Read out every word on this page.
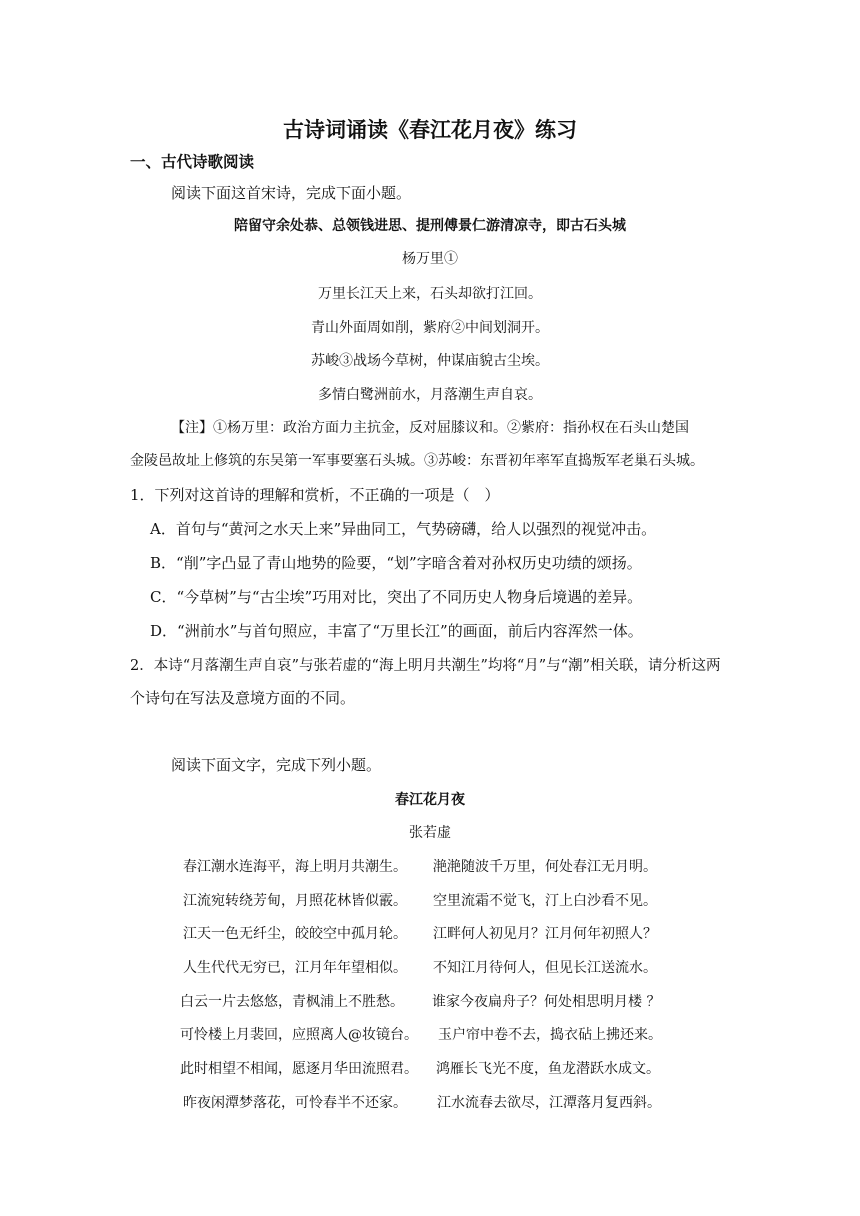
古诗词诵读《春江花月夜》练习
一、古代诗歌阅读
阅读下面这首宋诗，完成下面小题。
陪留守余处恭、总领钱进思、提刑傅景仁游清凉寺，即古石头城
杨万里①
万里长江天上来，石头却欲打江回。
青山外面周如削，紫府②中间划洞开。
苏峻③战场今草树，仲谋庙貌古尘埃。
多情白鹭洲前水，月落潮生声自哀。
【注】①杨万里：政治方面力主抗金，反对屈膝议和。②紫府：指孙权在石头山楚国
金陵邑故址上修筑的东吴第一军事要塞石头城。③苏峻：东晋初年率军直捣叛军老巢石头城。
1．下列对这首诗的理解和赏析，不正确的一项是（　）
A．首句与“黄河之水天上来”异曲同工，气势磅礴，给人以强烈的视觉冲击。
B．“削”字凸显了青山地势的险要，“划”字暗含着对孙权历史功绩的颂扬。
C．“今草树”与“古尘埃”巧用对比，突出了不同历史人物身后境遇的差异。
D．“洲前水”与首句照应，丰富了“万里长江”的画面，前后内容浑然一体。
2．本诗“月落潮生声自哀”与张若虚的“海上明月共潮生”均将“月”与“潮”相关联，请分析这两
个诗句在写法及意境方面的不同。
阅读下面文字，完成下列小题。
春江花月夜
张若虚
春江潮水连海平，海上明月共潮生。 滟滟随波千万里，何处春江无月明。
江流宛转绕芳甸，月照花林皆似霰。 空里流霜不觉飞，汀上白沙看不见。
江天一色无纤尘，皎皎空中孤月轮。 江畔何人初见月？江月何年初照人？
人生代代无穷已，江月年年望相似。 不知江月待何人，但见长江送流水。
白云一片去悠悠，青枫浦上不胜愁。 谁家今夜扁舟子？何处相思明月楼 ？
可怜楼上月裴回，应照离人@妆镜台。 玉户帘中卷不去，捣衣砧上拂还来。
此时相望不相闻，愿逐月华田流照君。 鸿雁长飞光不度，鱼龙潜跃水成文。
昨夜闲潭梦落花，可怜春半不还家。 江水流春去欲尽，江潭落月复西斜。
